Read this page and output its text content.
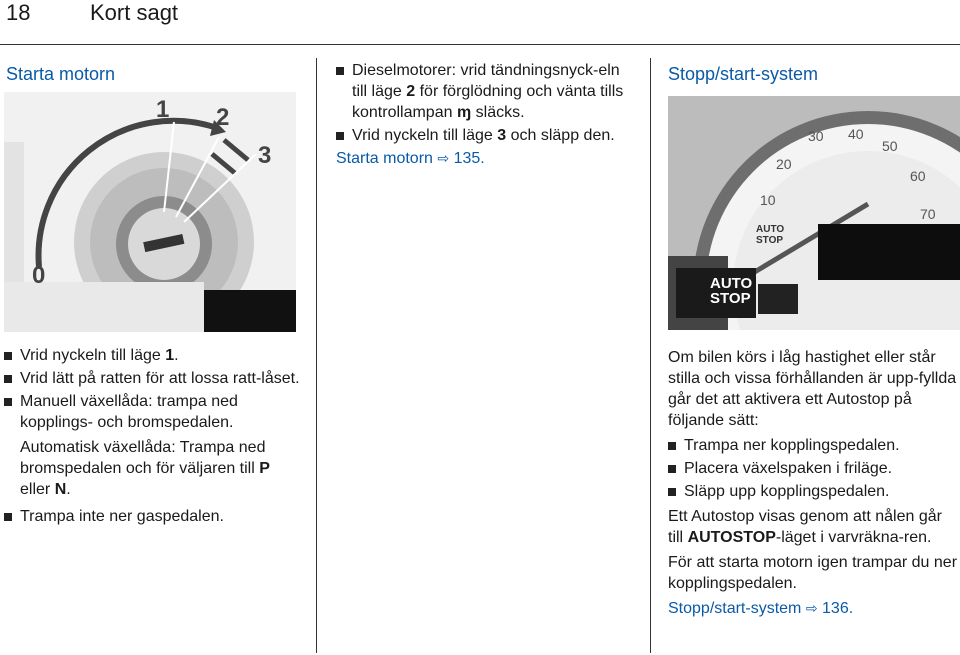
18	Kort sagt
Starta motorn
1 2
3
0
Vrid nyckeln till läge 1.
Vrid lätt på ratten för att lossa ratt-låset.
Manuell växellåda: trampa ned kopplings- och bromspedalen.

Automatisk växellåda: Trampa ned bromspedalen och för väljaren till P eller N.

Trampa inte ner gaspedalen.
Dieselmotorer: vrid tändningsnyck-eln till läge 2 för förglödning och vänta tills kontrollampan ɱ släcks.
Vrid nyckeln till läge 3 och släpp den.

Starta motorn ⇨ 135.

Stopp/start-system
10
20
30 40
50
60
70
AUTO
STOP
AUTO
STOP

Om bilen körs i låg hastighet eller står stilla och vissa förhållanden är upp-fyllda går det att aktivera ett Autostop på följande sätt:

Trampa ner kopplingspedalen.
Placera växelspaken i friläge.
Släpp upp kopplingspedalen.

Ett Autostop visas genom att nålen går till AUTOSTOP-läget i varvräkna-ren.

För att starta motorn igen trampar du ner kopplingspedalen.

Stopp/start-system ⇨ 136.
